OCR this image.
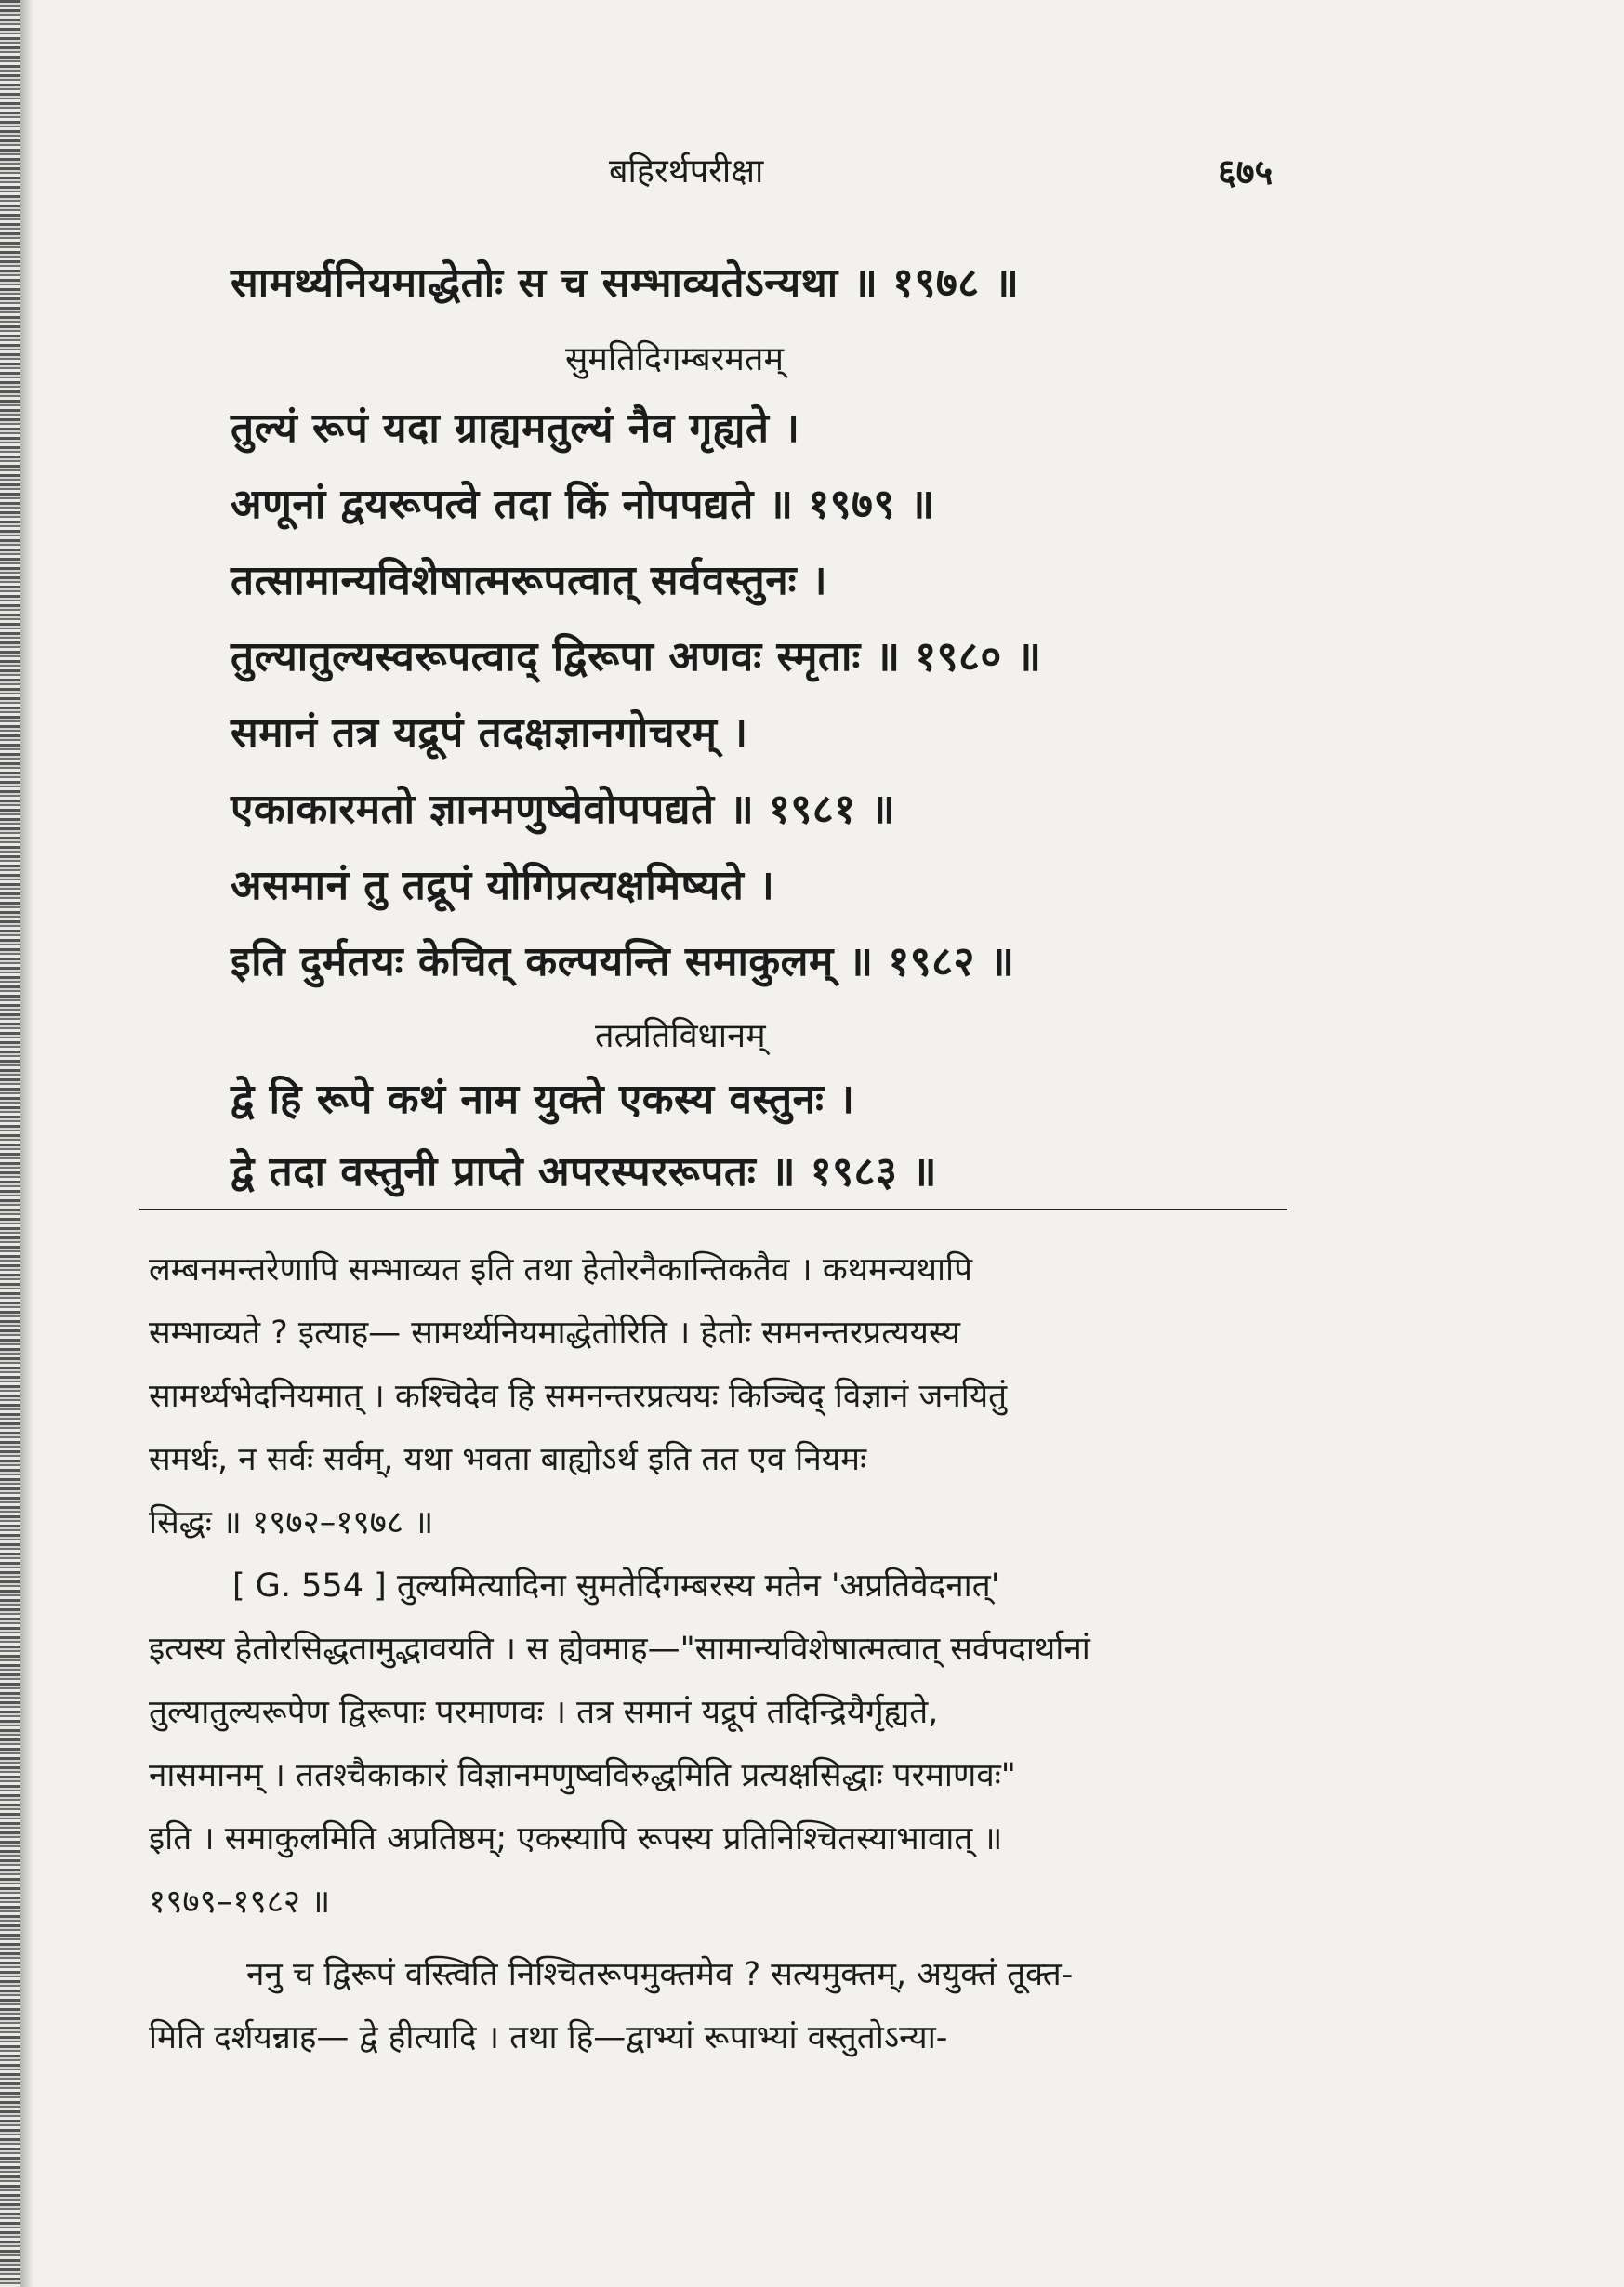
बहिरर्थपरीक्षा	६७५
सामर्थ्यनियमाद्धेतोः स च सम्भाव्यतेऽन्यथा ॥ १९७८ ॥
सुमतिदिगम्बरमतम्
तुल्यं रूपं यदा ग्राह्यमतुल्यं नैव गृह्यते ।
अणूनां द्वयरूपत्वे तदा किं नोपपद्यते ॥ १९७९ ॥
तत्सामान्यविशेषात्मरूपत्वात् सर्ववस्तुनः ।
तुल्यातुल्यस्वरूपत्वाद् द्विरूपा अणवः स्मृताः ॥ १९८० ॥
समानं तत्र यद्रूपं तदक्षज्ञानगोचरम् ।
एकाकारमतो ज्ञानमणुष्वेवोपपद्यते ॥ १९८१ ॥
असमानं तु तद्रूपं योगिप्रत्यक्षमिष्यते ।
इति दुर्मतयः केचित् कल्पयन्ति समाकुलम् ॥ १९८२ ॥
तत्प्रतिविधानम्
द्वे हि रूपे कथं नाम युक्ते एकस्य वस्तुनः ।
द्वे तदा वस्तुनी प्राप्ते अपरस्पररूपतः ॥ १९८३ ॥
लम्बनमन्तरेणापि सम्भाव्यत इति तथा हेतोरनैकान्तिकतैव । कथमन्यथापि
सम्भाव्यते ? इत्याह— सामर्थ्यनियमाद्धेतोरिति । हेतोः समनन्तरप्रत्ययस्य
सामर्थ्यभेदनियमात् । कश्चिदेव हि समनन्तरप्रत्ययः किञ्चिद् विज्ञानं जनयितुं
समर्थः, न सर्वः सर्वम्, यथा भवता बाह्योऽर्थ इति तत एव नियमः
सिद्धः ॥ १९७२–१९७८ ॥
[ G. 554 ] तुल्यमित्यादिना सुमतेर्दिगम्बरस्य मतेन 'अप्रतिवेदनात्'
इत्यस्य हेतोरसिद्धतामुद्भावयति । स ह्येवमाह—"सामान्यविशेषात्मत्वात् सर्वपदार्थानां
तुल्यातुल्यरूपेण द्विरूपाः परमाणवः । तत्र समानं यद्रूपं तदिन्द्रियैर्गृह्यते,
नासमानम् । ततश्चैकाकारं विज्ञानमणुष्वविरुद्धमिति प्रत्यक्षसिद्धाः परमाणवः"
इति । समाकुलमिति अप्रतिष्ठम्; एकस्यापि रूपस्य प्रतिनिश्चितस्याभावात् ॥
१९७९–१९८२ ॥
ननु च द्विरूपं वस्त्विति निश्चितरूपमुक्तमेव ? सत्यमुक्तम्, अयुक्तं तूक्त-
मिति दर्शयन्नाह— द्वे हीत्यादि । तथा हि—द्वाभ्यां रूपाभ्यां वस्तुतोऽन्या-
